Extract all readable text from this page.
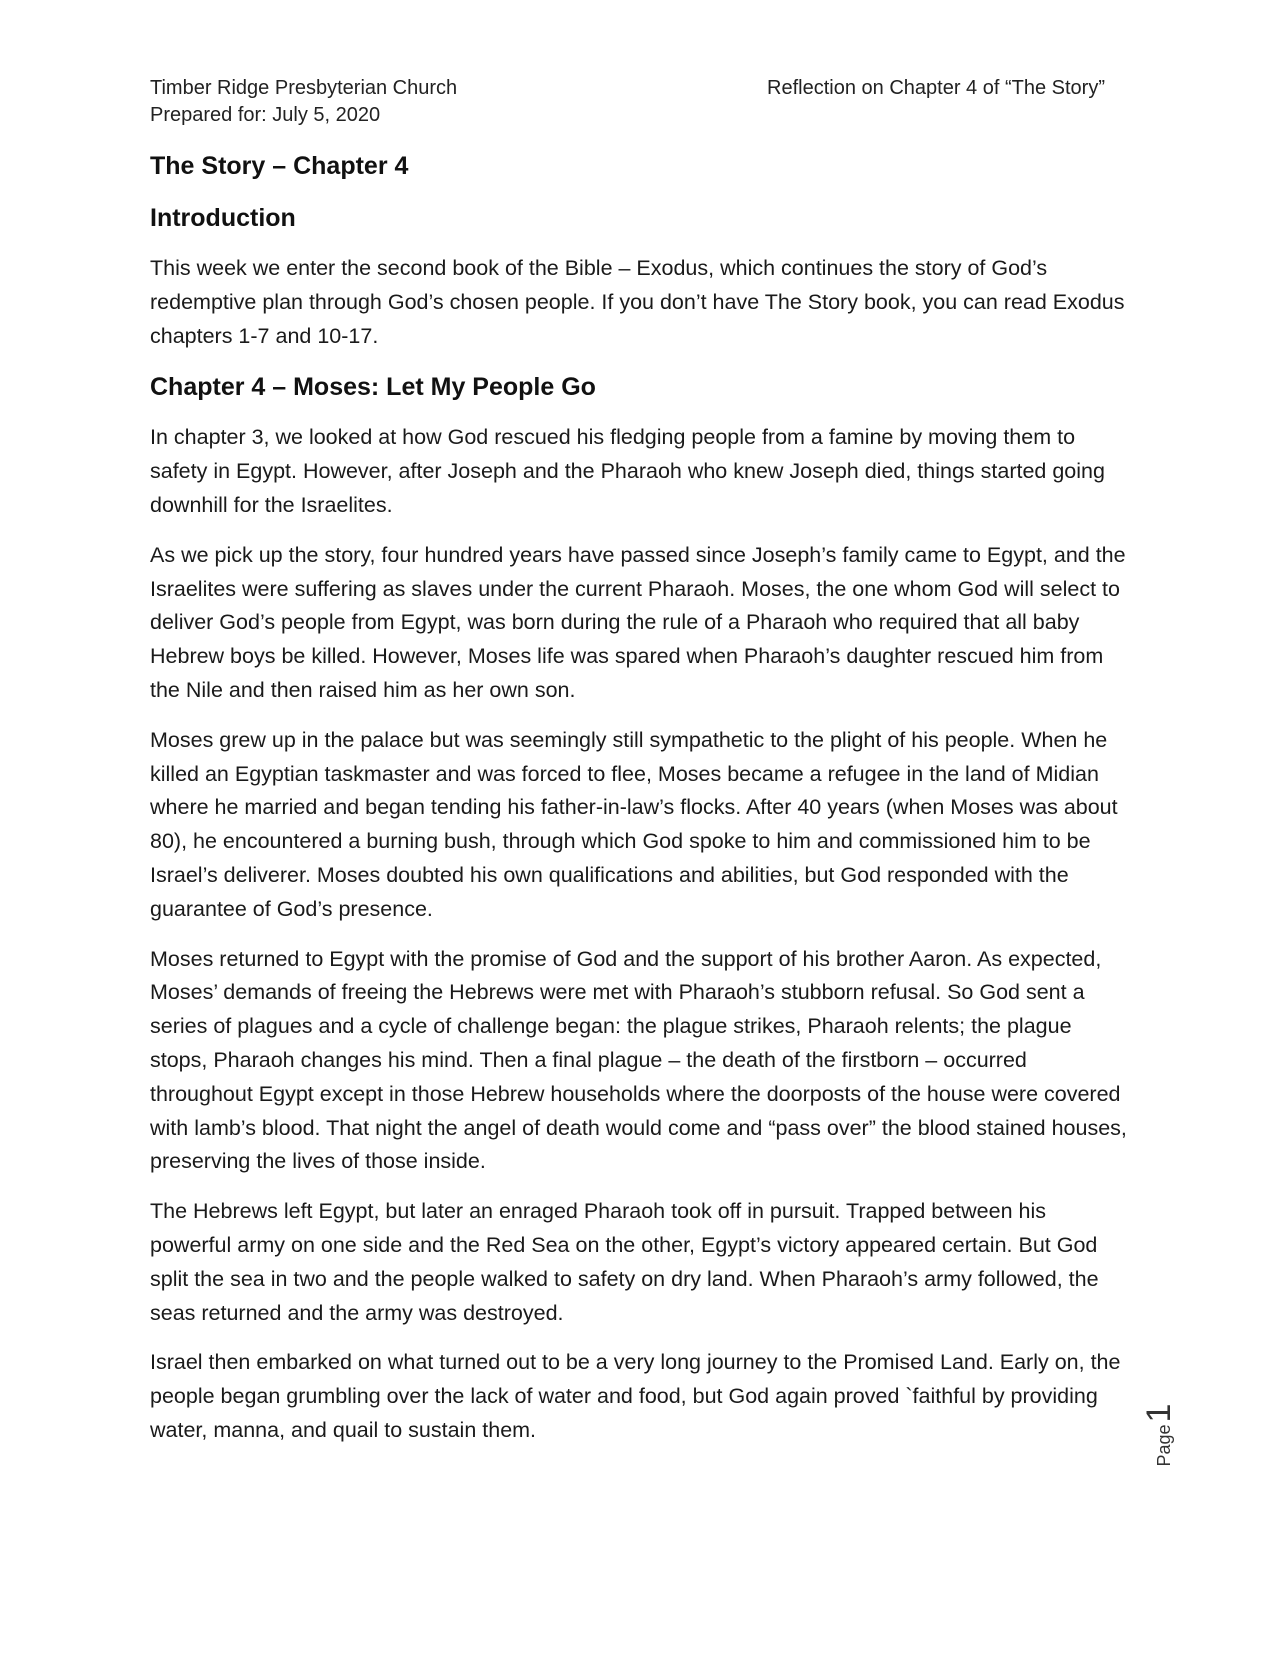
Timber Ridge Presbyterian Church	Reflection on Chapter 4 of “The Story”
Prepared for: July 5, 2020
The Story – Chapter 4
Introduction

This week we enter the second book of the Bible – Exodus, which continues the story of God’s redemptive plan through God’s chosen people. If you don’t have The Story book, you can read Exodus chapters 1-7 and 10-17.

Chapter 4 – Moses: Let My People Go

In chapter 3, we looked at how God rescued his fledging people from a famine by moving them to safety in Egypt. However, after Joseph and the Pharaoh who knew Joseph died, things started going downhill for the Israelites.

As we pick up the story, four hundred years have passed since Joseph’s family came to Egypt, and the Israelites were suffering as slaves under the current Pharaoh. Moses, the one whom God will select to deliver God’s people from Egypt, was born during the rule of a Pharaoh who required that all baby Hebrew boys be killed. However, Moses life was spared when Pharaoh’s daughter rescued him from the Nile and then raised him as her own son.

Moses grew up in the palace but was seemingly still sympathetic to the plight of his people. When he killed an Egyptian taskmaster and was forced to flee, Moses became a refugee in the land of Midian where he married and began tending his father-in-law’s flocks. After 40 years (when Moses was about 80), he encountered a burning bush, through which God spoke to him and commissioned him to be Israel’s deliverer. Moses doubted his own qualifications and abilities, but God responded with the guarantee of God’s presence.

Moses returned to Egypt with the promise of God and the support of his brother Aaron. As expected, Moses’ demands of freeing the Hebrews were met with Pharaoh’s stubborn refusal. So God sent a series of plagues and a cycle of challenge began: the plague strikes, Pharaoh relents; the plague stops, Pharaoh changes his mind. Then a final plague – the death of the firstborn – occurred throughout Egypt except in those Hebrew households where the doorposts of the house were covered with lamb’s blood. That night the angel of death would come and “pass over” the blood stained houses, preserving the lives of those inside.

The Hebrews left Egypt, but later an enraged Pharaoh took off in pursuit. Trapped between his powerful army on one side and the Red Sea on the other, Egypt’s victory appeared certain. But God split the sea in two and the people walked to safety on dry land. When Pharaoh’s army followed, the seas returned and the army was destroyed.

Israel then embarked on what turned out to be a very long journey to the Promised Land. Early on, the people began grumbling over the lack of water and food, but God again proved `faithful by providing water, manna, and quail to sustain them.	Page
1
